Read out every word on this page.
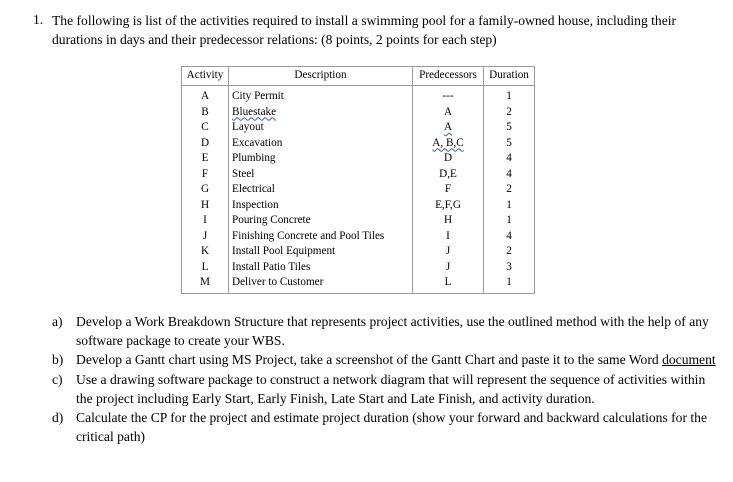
1. The following is list of the activities required to install a swimming pool for a family-owned house, including their durations in days and their predecessor relations: (8 points, 2 points for each step)
Activity	Description	Predecessors	Duration
A	City Permit	---	1
B	Bluestake	A	2
C	Layout	A	5
D	Excavation	A, B,C	5
E	Plumbing	D	4
F	Steel	D,E	4
G	Electrical	F	2
H	Inspection	E,F,G	1
I	Pouring Concrete	H	1
J	Finishing Concrete and Pool Tiles	I	4
K	Install Pool Equipment	J	2
L	Install Patio Tiles	J	3
M	Deliver to Customer	L	1
a) Develop a Work Breakdown Structure that represents project activities, use the outlined method with the help of any software package to create your WBS.
b) Develop a Gantt chart using MS Project, take a screenshot of the Gantt Chart and paste it to the same Word document
c) Use a drawing software package to construct a network diagram that will represent the sequence of activities within the project including Early Start, Early Finish, Late Start and Late Finish, and activity duration.
d) Calculate the CP for the project and estimate project duration (show your forward and backward calculations for the critical path)
